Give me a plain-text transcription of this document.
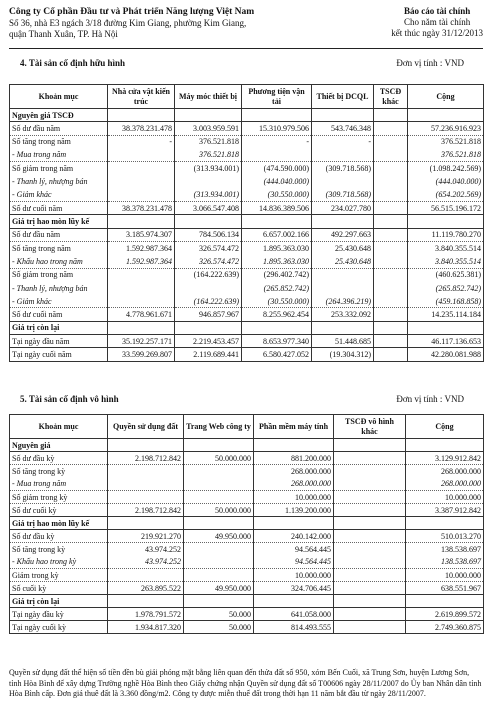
Công ty Cổ phần Đầu tư và Phát triển Năng lượng Việt Nam
Số 36, nhà E3 ngách 3/18 đường Kim Giang, phường Kim Giang,
quận Thanh Xuân, TP. Hà Nội
Báo cáo tài chính
Cho năm tài chính
kết thúc ngày 31/12/2013
4. Tài sản cố định hữu hình	Đơn vị tính : VND
Khoản mục	Nhà cửa vật kiến trúc	Máy móc thiết bị	Phương tiện vận tải	Thiết bị DCQL	TSCĐ khác	Cộng
Nguyên giá TSCĐ						
Số dư đầu năm	38.378.231.478	3.003.959.591	15.310.979.506	543.746.348		57.236.916.923
Số tăng trong năm	-	376.521.818	-	-		376.521.818
- Mua trong năm		376.521.818				376.521.818
Số giảm trong năm		(313.934.001)	(474.590.000)	(309.718.568)		(1.098.242.569)
- Thanh lý, nhượng bán			(444.040.000)			(444.040.000)
- Giảm khác		(313.934.001)	(30.550.000)	(309.718.568)		(654.202.569)
Số dư cuối năm	38.378.231.478	3.066.547.408	14.836.389.506	234.027.780		56.515.196.172
Giá trị hao mòn lũy kế						
Số dư đầu năm	3.185.974.307	784.506.134	6.657.002.166	492.297.663		11.119.780.270
Số tăng trong năm	1.592.987.364	326.574.472	1.895.363.030	25.430.648		3.840.355.514
- Khấu hao trong năm	1.592.987.364	326.574.472	1.895.363.030	25.430.648		3.840.355.514
Số giảm trong năm		(164.222.639)	(296.402.742)			(460.625.381)
- Thanh lý, nhượng bán			(265.852.742)			(265.852.742)
- Giảm khác		(164.222.639)	(30.550.000)	(264.396.219)		(459.168.858)
Số dư cuối năm	4.778.961.671	946.857.967	8.255.962.454	253.332.092		14.235.114.184
Giá trị còn lại						
Tại ngày đầu năm	35.192.257.171	2.219.453.457	8.653.977.340	51.448.685		46.117.136.653
Tại ngày cuối năm	33.599.269.807	2.119.689.441	6.580.427.052	(19.304.312)		42.280.081.988
5. Tài sản cố định vô hình	Đơn vị tính : VND
Khoản mục	Quyền sử dụng đất	Trang Web công ty	Phần mềm máy tính	TSCĐ vô hình khác	Cộng
Nguyên giá					
Số dư đầu kỳ	2.198.712.842	50.000.000	881.200.000		3.129.912.842
Số tăng trong kỳ			268.000.000		268.000.000
- Mua trong năm			268.000.000		268.000.000
Số giảm trong kỳ			10.000.000		10.000.000
Số dư cuối kỳ	2.198.712.842	50.000.000	1.139.200.000		3.387.912.842
Giá trị hao mòn lũy kế					
Số dư đầu kỳ	219.921.270	49.950.000	240.142.000		510.013.270
Số tăng trong kỳ	43.974.252		94.564.445		138.538.697
- Khấu hao trong kỳ	43.974.252		94.564.445		138.538.697
Giảm trong kỳ			10.000.000		10.000.000
Số cuối kỳ	263.895.522	49.950.000	324.706.445		638.551.967
Giá trị còn lại					
Tại ngày đầu kỳ	1.978.791.572	50.000	641.058.000		2.619.899.572
Tại ngày cuối kỳ	1.934.817.320	50.000	814.493.555		2.749.360.875
Quyền sử dụng đất thể hiện số tiền đền bù giải phóng mặt bằng liên quan đến thửa đất số 950, xóm Bến Cuối, xã Trung Sơn, huyện Lương Sơn, tỉnh Hòa Bình để xây dựng Trường nghề Hòa Bình theo Giấy chứng nhận Quyền sử dụng đất số T00606 ngày 28/11/2007 do Ủy ban Nhân dân tỉnh Hòa Bình cấp. Đơn giá thuê đất là 3.360 đồng/m2. Công ty được miễn thuế đất trong thời hạn 11 năm bắt đầu từ ngày 28/11/2007.
